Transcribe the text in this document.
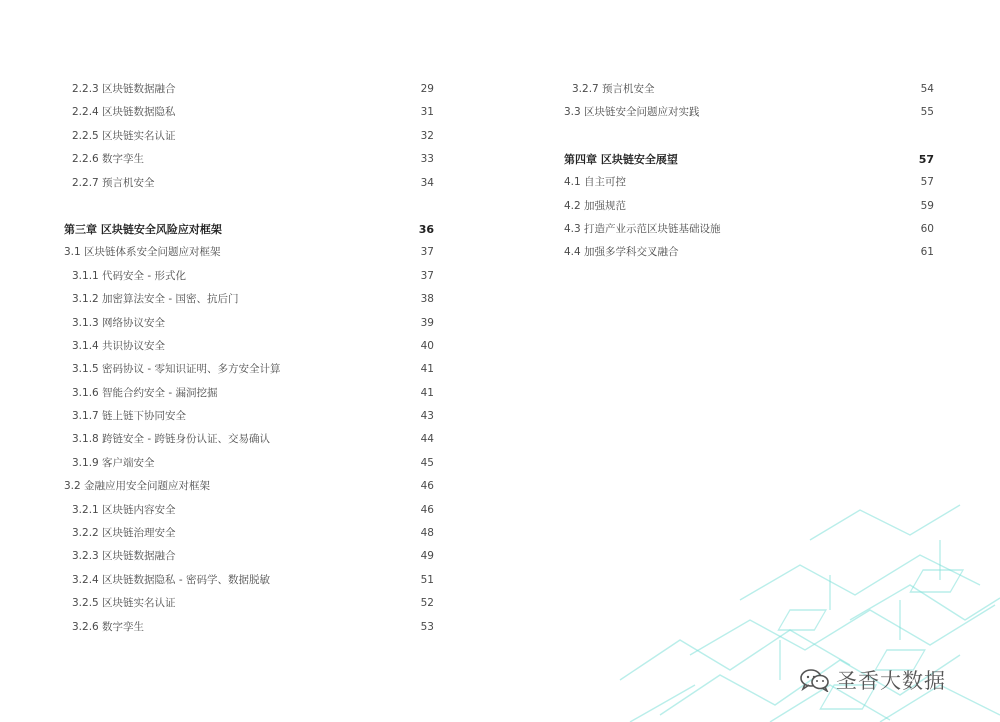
2.2.3 区块链数据融合	29
2.2.4 区块链数据隐私	31
2.2.5 区块链实名认证	32
2.2.6 数字孪生	33
2.2.7 预言机安全	34
第三章 区块链安全风险应对框架	36
3.1 区块链体系安全问题应对框架	37
3.1.1 代码安全 - 形式化	37
3.1.2 加密算法安全 - 国密、抗后门	38
3.1.3 网络协议安全	39
3.1.4 共识协议安全	40
3.1.5 密码协议 - 零知识证明、多方安全计算	41
3.1.6 智能合约安全 - 漏洞挖掘	41
3.1.7 链上链下协同安全	43
3.1.8 跨链安全 - 跨链身份认证、交易确认	44
3.1.9 客户端安全	45
3.2 金融应用安全问题应对框架	46
3.2.1 区块链内容安全	46
3.2.2 区块链治理安全	48
3.2.3 区块链数据融合	49
3.2.4 区块链数据隐私 - 密码学、数据脱敏	51
3.2.5 区块链实名认证	52
3.2.6 数字孪生	53
3.2.7 预言机安全	54
3.3 区块链安全问题应对实践	55
第四章 区块链安全展望	57
4.1 自主可控	57
4.2 加强规范	59
4.3 打造产业示范区块链基础设施	60
4.4 加强多学科交叉融合	61
圣香大数据
